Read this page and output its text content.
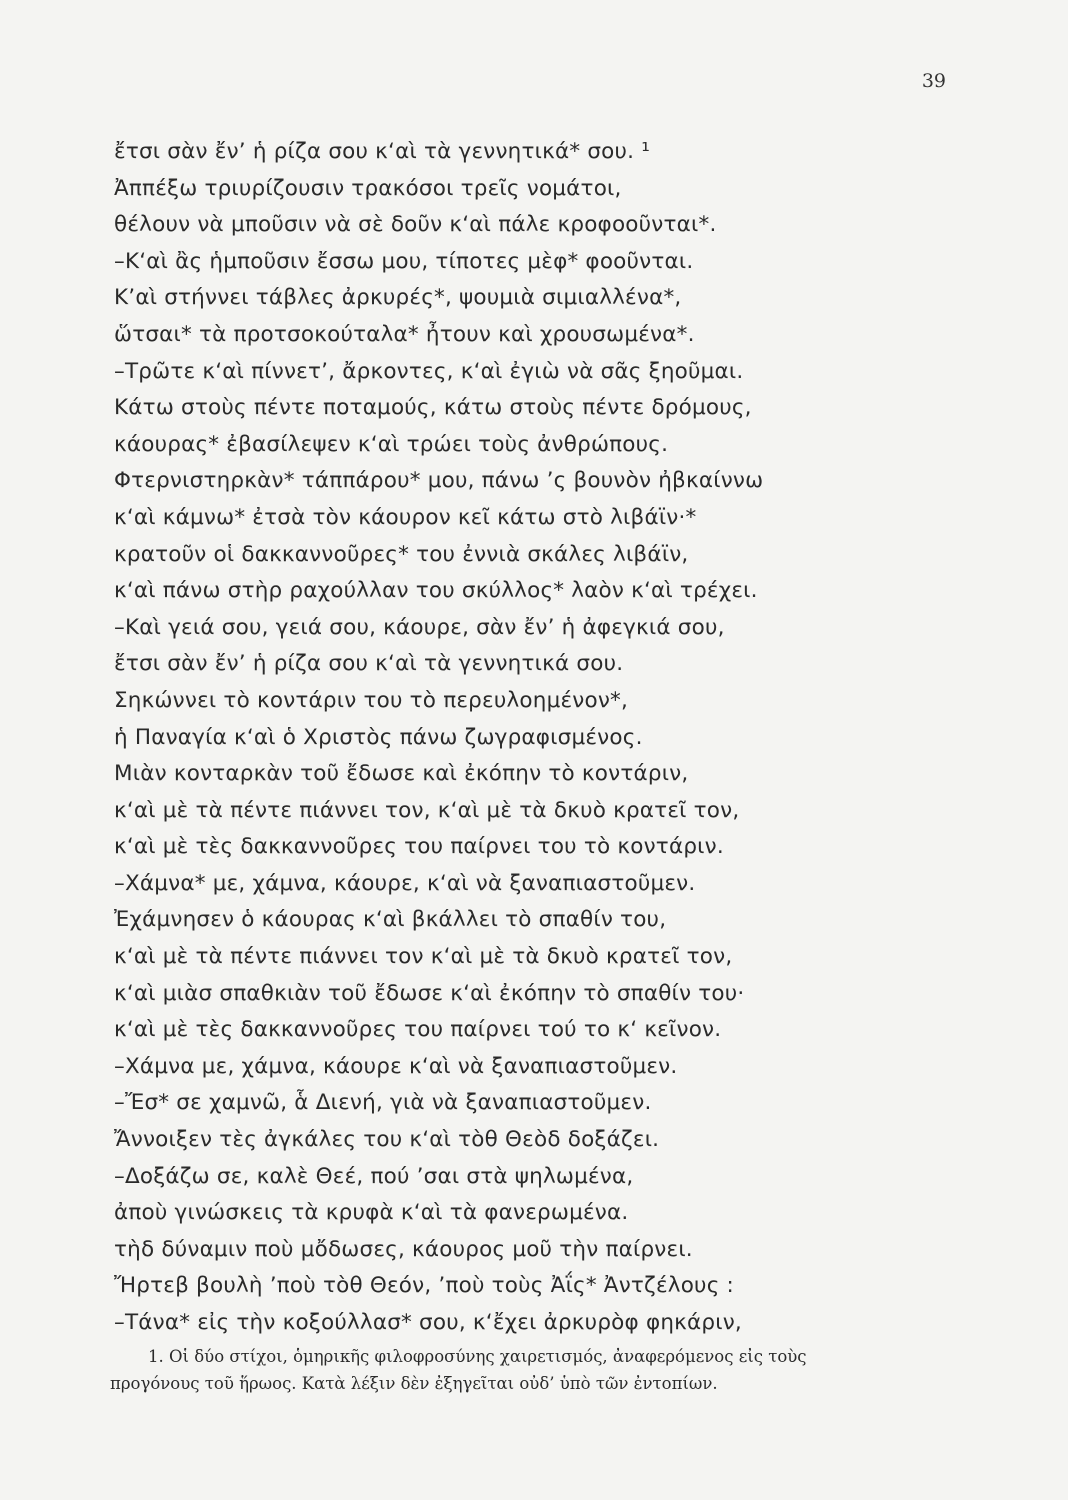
39
ἔτσι σὰν ἔν’ ἡ ρίζα σου κ‘αὶ τὰ γεννητικά* σου. ¹
Ἀππέξω τριυρίζουσιν τρακόσοι τρεῖς νομάτοι,
θέλουν νὰ μποῦσιν νὰ σὲ δοῦν κ‘αὶ πάλε κροφοοῦνται*.
–Κ‘αὶ ἂς ἡμποῦσιν ἔσσω μου, τίποτες μὲφ* φοοῦνται.
Κ’αὶ στήννει τάβλες ἀρκυρές*, ψουμιὰ σιμιαλλένα*,
ὥτσαι* τὰ προτσοκούταλα* ἦτουν καὶ χρουσωμένα*.
–Τρῶτε κ‘αὶ πίννετ’, ἄρκοντες, κ‘αὶ ἐγιὼ νὰ σᾶς ξηοῦμαι.
Κάτω στοὺς πέντε ποταμούς, κάτω στοὺς πέντε δρόμους,
κάουρας* ἐβασίλεψεν κ‘αὶ τρώει τοὺς ἀνθρώπους.
Φτερνιστηρκὰν* τάππάρου* μου, πάνω ’ς βουνὸν ἠβκαίννω
κ‘αὶ κάμνω* ἐτσὰ τὸν κάουρον κεῖ κάτω στὸ λιβάϊν·*
κρατοῦν οἱ δακκαννοῦρες* του ἐννιὰ σκάλες λιβάϊν,
κ‘αὶ πάνω στὴρ ραχούλλαν του σκύλλος* λαὸν κ‘αὶ τρέχει.
–Καὶ γειά σου, γειά σου, κάουρε, σὰν ἔν’ ἡ ἀφεγκιά σου,
ἔτσι σὰν ἔν’ ἡ ρίζα σου κ‘αὶ τὰ γεννητικά σου.
Σηκώννει τὸ κοντάριν του τὸ περευλοημένον*,
ἡ Παναγία κ‘αὶ ὁ Χριστὸς πάνω ζωγραφισμένος.
Μιὰν κονταρκὰν τοῦ ἔδωσε καὶ ἐκόπην τὸ κοντάριν,
κ‘αὶ μὲ τὰ πέντε πιάννει τον, κ‘αὶ μὲ τὰ δκυὸ κρατεῖ τον,
κ‘αὶ μὲ τὲς δακκαννοῦρες του παίρνει του τὸ κοντάριν.
–Χάμνα* με, χάμνα, κάουρε, κ‘αὶ νὰ ξαναπιαστοῦμεν.
Ἐχάμνησεν ὁ κάουρας κ‘αὶ βκάλλει τὸ σπαθίν του,
κ‘αὶ μὲ τὰ πέντε πιάννει τον κ‘αὶ μὲ τὰ δκυὸ κρατεῖ τον,
κ‘αὶ μιὰσ σπαθκιὰν τοῦ ἔδωσε κ‘αὶ ἐκόπην τὸ σπαθίν του·
κ‘αὶ μὲ τὲς δακκαννοῦρες του παίρνει τού το κ‘ κεῖνον.
–Χάμνα με, χάμνα, κάουρε κ‘αὶ νὰ ξαναπιαστοῦμεν.
–Ἔσ* σε χαμνῶ, ἇ Διενή, γιὰ νὰ ξαναπιαστοῦμεν.
Ἄννοιξεν τὲς ἀγκάλες του κ‘αὶ τὸθ Θεὸδ δοξάζει.
–Δοξάζω σε, καλὲ Θεέ, πού ’σαι στὰ ψηλωμένα,
ἀποὺ γινώσκεις τὰ κρυφὰ κ‘αὶ τὰ φανερωμένα.
τὴδ δύναμιν ποὺ μὄδωσες, κάουρος μοῦ τὴν παίρνει.
Ἤρτεβ βουλὴ ’ποὺ τὸθ Θεόν, ’ποὺ τοὺς Ἀΐς* Ἀντζέλους :
–Τάνα* εἰς τὴν κοξούλλασ* σου, κ‘ἔχει ἀρκυρὸφ φηκάριν,
1. Οἱ δύο στίχοι, ὁμηρικῆς φιλοφροσύνης χαιρετισμός, ἀναφερόμενος εἰς τοὺς
προγόνους τοῦ ἥρωος. Κατὰ λέξιν δὲν ἐξηγεῖται οὐδ’ ὑπὸ τῶν ἐντοπίων.
